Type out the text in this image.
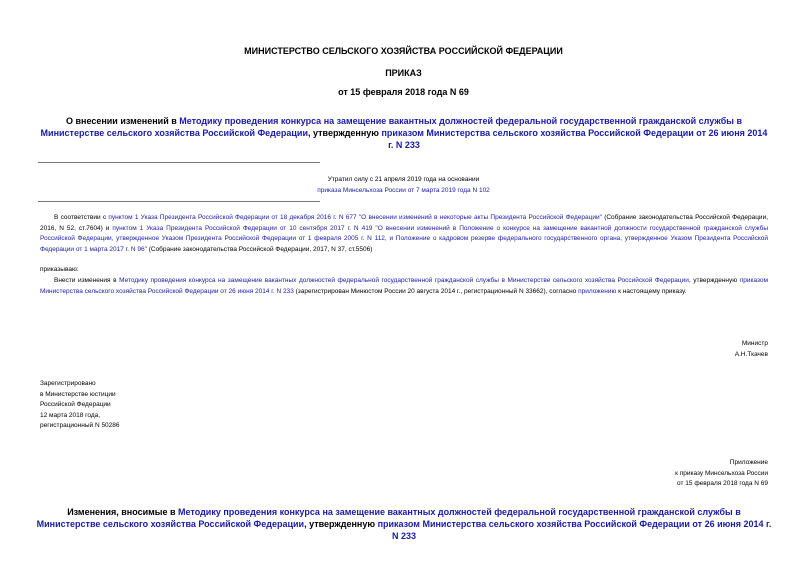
МИНИСТЕРСТВО СЕЛЬСКОГО ХОЗЯЙСТВА РОССИЙСКОЙ ФЕДЕРАЦИИ
ПРИКАЗ
от 15 февраля 2018 года N 69
О внесении изменений в Методику проведения конкурса на замещение вакантных должностей федеральной государственной гражданской службы в Министерстве сельского хозяйства Российской Федерации, утвержденную приказом Министерства сельского хозяйства Российской Федерации от 26 июня 2014 г. N 233
Утратил силу с 21 апреля 2019 года на основании
приказа Минсельхоза России от 7 марта 2019 года N 102
В соответствии с пунктом 1 Указа Президента Российской Федерации от 18 декабря 2016 г. N 677 "О внесении изменений в некоторые акты Президента Российской Федерации" (Собрание законодательства Российской Федерации, 2016, N 52, ст.7604) и пунктом 1 Указа Президента Российской Федерации от 10 сентября 2017 г. N 419 "О внесении изменений в Положение о конкурсе на замещение вакантной должности государственной гражданской службы Российской Федерации, утвержденное Указом Президента Российской Федерации от 1 февраля 2005 г. N 112, и Положение о кадровом резерве федерального государственного органа, утвержденное Указом Президента Российской Федерации от 1 марта 2017 г. N 96" (Собрание законодательства Российской Федерации, 2017, N 37, ст.5506)
приказываю:
Внести изменения в Методику проведения конкурса на замещение вакантных должностей федеральной государственной гражданской службы в Министерстве сельского хозяйства Российской Федерации, утвержденную приказом Министерства сельского хозяйства Российской Федерации от 26 июня 2014 г. N 233 (зарегистрирован Минюстом России 20 августа 2014 г., регистрационный N 33662), согласно приложению к настоящему приказу.
Министр
А.Н.Ткачев
Зарегистрировано
в Министерстве юстиции
Российской Федерации
12 марта 2018 года,
регистрационный N 50286
Приложение
к приказу Минсельхоза России
от 15 февраля 2018 года N 69
Изменения, вносимые в Методику проведения конкурса на замещение вакантных должностей федеральной государственной гражданской службы в Министерстве сельского хозяйства Российской Федерации, утвержденную приказом Министерства сельского хозяйства Российской Федерации от 26 июня 2014 г. N 233
